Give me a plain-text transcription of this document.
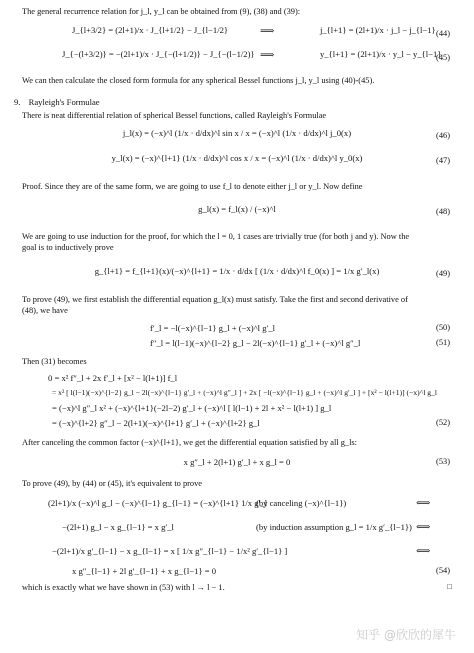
The general recurrence relation for j_l, y_l can be obtained from (9), (38) and (39):
J_{l+3/2} = (2l+1)/x · J_{l+1/2} − J_{l−1/2}	⟹	j_{l+1} = (2l+1)/x · j_l − j_{l−1} (44)
J_{−(l+3/2)} = −(2l+1)/x · J_{−(l+1/2)} − J_{−(l−1/2)} ⟹	y_{l+1} = (2l+1)/x · y_l − y_{l−1}
(45)
We can then calculate the closed form formula for any spherical Bessel functions j_l, y_l using (40)-(45).
9. Rayleigh's Formulae
There is neat differential relation of spherical Bessel functions, called Rayleigh's Formulae
j_l(x) = (−x)^l (1/x · d/dx)^l sin x / x = (−x)^l (1/x · d/dx)^l j_0(x)	(46)
y_l(x) = (−x)^{l+1} (1/x · d/dx)^l cos x / x = (−x)^l (1/x · d/dx)^l y_0(x)	(47)
Proof. Since they are of the same form, we are going to use f_l to denote either j_l or y_l. Now define
g_l(x) = f_l(x) / (−x)^l	(48)
We are going to use induction for the proof, for which the l = 0, 1 cases are trivially true (for both j and y). Now the
goal is to inductively prove
g_{l+1} = f_{l+1}(x)/(−x)^{l+1} = 1/x · d/dx [ (1/x · d/dx)^l f_0(x) ] = 1/x g′_l(x)	(49)
To prove (49), we first establish the differential equation g_l(x) must satisfy. Take the first and second derivative of
(48), we have
f′_l = −l(−x)^{l−1} g_l + (−x)^l g′_l	(50)
f″_l = l(l−1)(−x)^{l−2} g_l − 2l(−x)^{l−1} g′_l + (−x)^l g″_l	(51)
Then (31) becomes
0 = x² f″_l + 2x f′_l + [x² − l(l+1)] f_l
= x² [ l(l−1)(−x)^{l−2} g_l − 2l(−x)^{l−1} g′_l + (−x)^l g″_l ] + 2x [ −l(−x)^{l−1} g_l + (−x)^l g′_l ] + [x² − l(l+1)] (−x)^l g_l
= (−x)^l g″_l x² + (−x)^{l+1}(−2l−2) g′_l + (−x)^l [ l(l−1) + 2l + x² − l(l+1) ] g_l
= (−x)^{l+2} g″_l − 2(l+1)(−x)^{l+1} g′_l + (−x)^{l+2} g_l	(52)
After canceling the common factor (−x)^{l+1}, we get the differential equation satisfied by all g_ls:
x g″_l + 2(l+1) g′_l + x g_l = 0	(53)
To prove (49), by (44) or (45), it's equivalent to prove
(2l+1)/x (−x)^l g_l − (−x)^{l−1} g_{l−1} = (−x)^{l+1} 1/x g′_l
(by canceling (−x)^{l−1})	⟺
−(2l+1) g_l − x g_{l−1} = x g′_l	(by induction assumption g_l = 1/x g′_{l−1}) ⟺
−(2l+1)/x g′_{l−1} − x g_{l−1} = x [ 1/x g″_{l−1} − 1/x² g′_{l−1} ]	⟺
x g″_{l−1} + 2l g′_{l−1} + x g_{l−1} = 0	(54)
which is exactly what we have shown in (53) with l → l − 1.	□
知乎 @欣欣的犀牛
